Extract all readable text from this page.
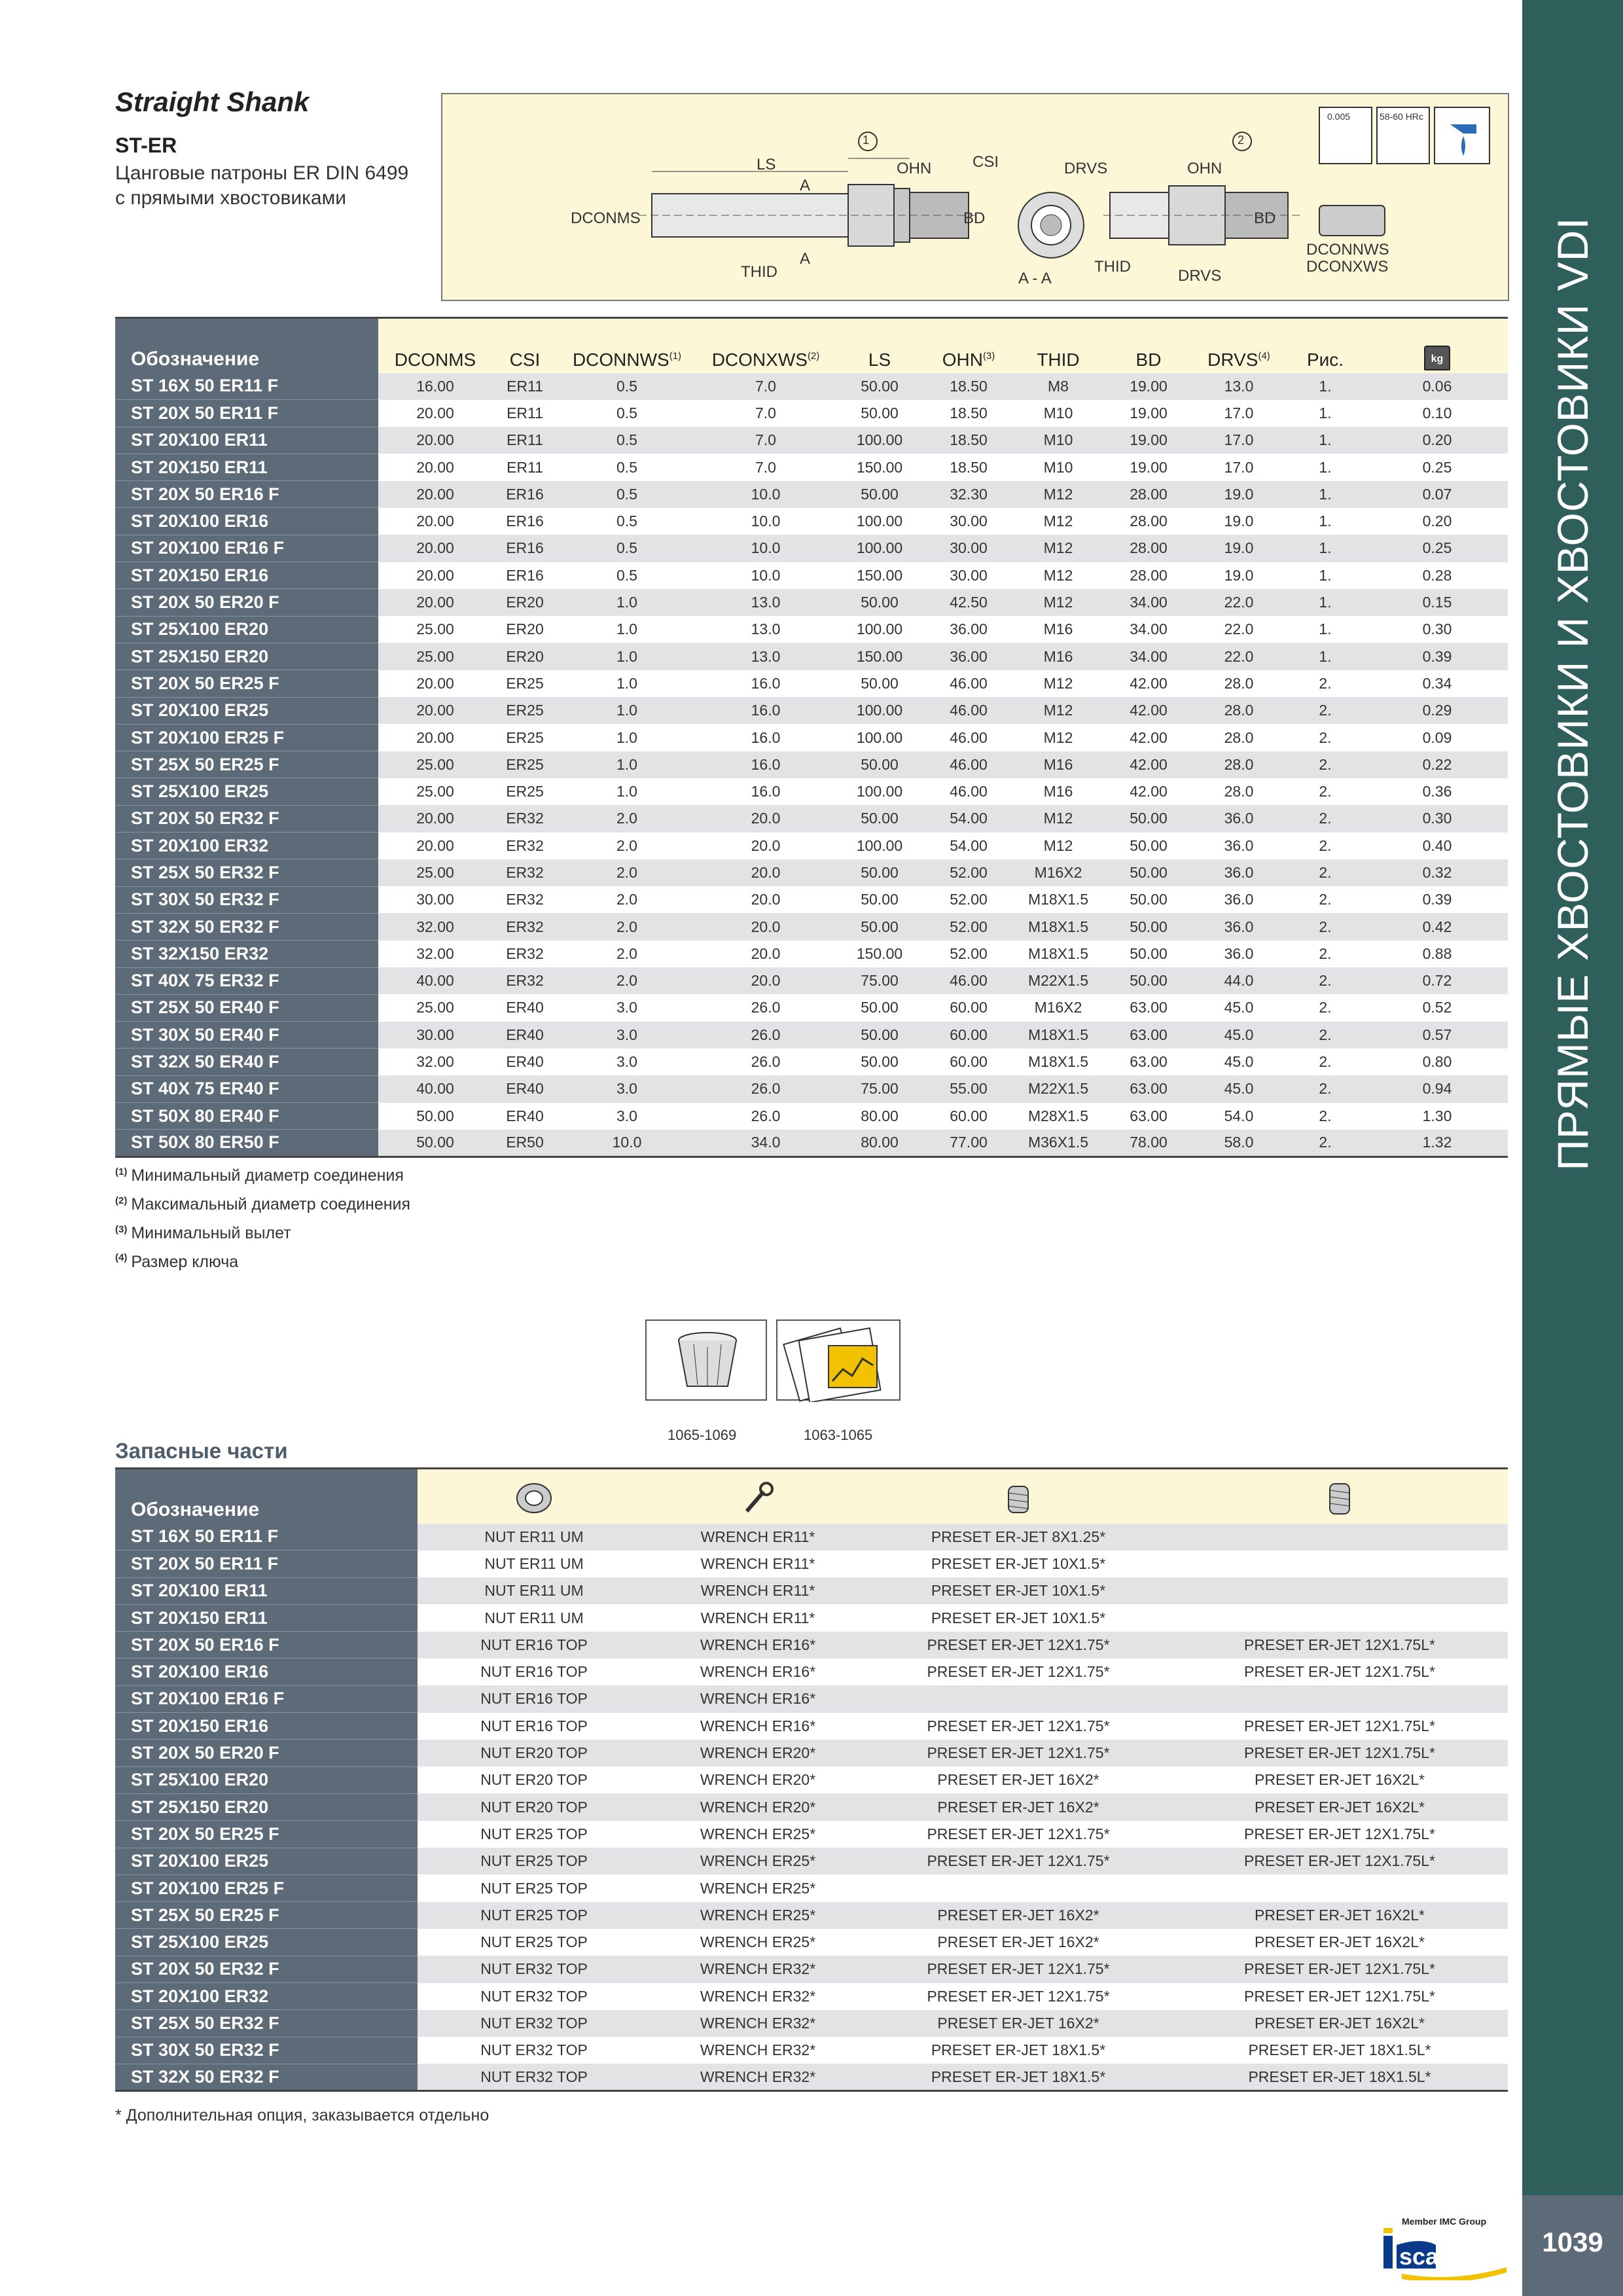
ПРЯМЫЕ ХВОСТОВИКИ И ХВОСТОВИКИ VDI
1039
Member IMC Group
scar
Straight Shank
ST-ER
Цанговые патроны ER DIN 6499
с прямыми хвостовиками
1	2
LS	OHN	CSI	DRVS	OHN
A
A
DCONMS	BD	BD
THID	THID
A - A	DRVS
DCONNWS
DCONXWS
0.005	58-60 HRc
Обозначение	DCONMS	CSI	DCONNWS$^{(1)}$	DCONXWS$^{(2)}$	LS	OHN$^{(3)}$	THID	BD	DRVS$^{(4)}$	Рис.	kg
ST 16X 50 ER11 F	16.00	ER11	0.5	7.0	50.00	18.50	M8	19.00	13.0	1.	0.06
ST 20X 50 ER11 F	20.00	ER11	0.5	7.0	50.00	18.50	M10	19.00	17.0	1.	0.10
ST 20X100 ER11	20.00	ER11	0.5	7.0	100.00	18.50	M10	19.00	17.0	1.	0.20
ST 20X150 ER11	20.00	ER11	0.5	7.0	150.00	18.50	M10	19.00	17.0	1.	0.25
ST 20X 50 ER16 F	20.00	ER16	0.5	10.0	50.00	32.30	M12	28.00	19.0	1.	0.07
ST 20X100 ER16	20.00	ER16	0.5	10.0	100.00	30.00	M12	28.00	19.0	1.	0.20
ST 20X100 ER16 F	20.00	ER16	0.5	10.0	100.00	30.00	M12	28.00	19.0	1.	0.25
ST 20X150 ER16	20.00	ER16	0.5	10.0	150.00	30.00	M12	28.00	19.0	1.	0.28
ST 20X 50 ER20 F	20.00	ER20	1.0	13.0	50.00	42.50	M12	34.00	22.0	1.	0.15
ST 25X100 ER20	25.00	ER20	1.0	13.0	100.00	36.00	M16	34.00	22.0	1.	0.30
ST 25X150 ER20	25.00	ER20	1.0	13.0	150.00	36.00	M16	34.00	22.0	1.	0.39
ST 20X 50 ER25 F	20.00	ER25	1.0	16.0	50.00	46.00	M12	42.00	28.0	2.	0.34
ST 20X100 ER25	20.00	ER25	1.0	16.0	100.00	46.00	M12	42.00	28.0	2.	0.29
ST 20X100 ER25 F	20.00	ER25	1.0	16.0	100.00	46.00	M12	42.00	28.0	2.	0.09
ST 25X 50 ER25 F	25.00	ER25	1.0	16.0	50.00	46.00	M16	42.00	28.0	2.	0.22
ST 25X100 ER25	25.00	ER25	1.0	16.0	100.00	46.00	M16	42.00	28.0	2.	0.36
ST 20X 50 ER32 F	20.00	ER32	2.0	20.0	50.00	54.00	M12	50.00	36.0	2.	0.30
ST 20X100 ER32	20.00	ER32	2.0	20.0	100.00	54.00	M12	50.00	36.0	2.	0.40
ST 25X 50 ER32 F	25.00	ER32	2.0	20.0	50.00	52.00	M16X2	50.00	36.0	2.	0.32
ST 30X 50 ER32 F	30.00	ER32	2.0	20.0	50.00	52.00	M18X1.5	50.00	36.0	2.	0.39
ST 32X 50 ER32 F	32.00	ER32	2.0	20.0	50.00	52.00	M18X1.5	50.00	36.0	2.	0.42
ST 32X150 ER32	32.00	ER32	2.0	20.0	150.00	52.00	M18X1.5	50.00	36.0	2.	0.88
ST 40X 75 ER32 F	40.00	ER32	2.0	20.0	75.00	46.00	M22X1.5	50.00	44.0	2.	0.72
ST 25X 50 ER40 F	25.00	ER40	3.0	26.0	50.00	60.00	M16X2	63.00	45.0	2.	0.52
ST 30X 50 ER40 F	30.00	ER40	3.0	26.0	50.00	60.00	M18X1.5	63.00	45.0	2.	0.57
ST 32X 50 ER40 F	32.00	ER40	3.0	26.0	50.00	60.00	M18X1.5	63.00	45.0	2.	0.80
ST 40X 75 ER40 F	40.00	ER40	3.0	26.0	75.00	55.00	M22X1.5	63.00	45.0	2.	0.94
ST 50X 80 ER40 F	50.00	ER40	3.0	26.0	80.00	60.00	M28X1.5	63.00	54.0	2.	1.30
ST 50X 80 ER50 F	50.00	ER50	10.0	34.0	80.00	77.00	M36X1.5	78.00	58.0	2.	1.32
$^{(1)}$ Минимальный диаметр соединения
$^{(2)}$ Максимальный диаметр соединения
$^{(3)}$ Минимальный вылет
$^{(4)}$ Размер ключа
1065-1069	1063-1065
Запасные части
Обозначение				
ST 16X 50 ER11 F	NUT ER11 UM	WRENCH ER11*	PRESET ER-JET 8X1.25*	
ST 20X 50 ER11 F	NUT ER11 UM	WRENCH ER11*	PRESET ER-JET 10X1.5*	
ST 20X100 ER11	NUT ER11 UM	WRENCH ER11*	PRESET ER-JET 10X1.5*	
ST 20X150 ER11	NUT ER11 UM	WRENCH ER11*	PRESET ER-JET 10X1.5*	
ST 20X 50 ER16 F	NUT ER16 TOP	WRENCH ER16*	PRESET ER-JET 12X1.75*	PRESET ER-JET 12X1.75L*
ST 20X100 ER16	NUT ER16 TOP	WRENCH ER16*	PRESET ER-JET 12X1.75*	PRESET ER-JET 12X1.75L*
ST 20X100 ER16 F	NUT ER16 TOP	WRENCH ER16*		
ST 20X150 ER16	NUT ER16 TOP	WRENCH ER16*	PRESET ER-JET 12X1.75*	PRESET ER-JET 12X1.75L*
ST 20X 50 ER20 F	NUT ER20 TOP	WRENCH ER20*	PRESET ER-JET 12X1.75*	PRESET ER-JET 12X1.75L*
ST 25X100 ER20	NUT ER20 TOP	WRENCH ER20*	PRESET ER-JET 16X2*	PRESET ER-JET 16X2L*
ST 25X150 ER20	NUT ER20 TOP	WRENCH ER20*	PRESET ER-JET 16X2*	PRESET ER-JET 16X2L*
ST 20X 50 ER25 F	NUT ER25 TOP	WRENCH ER25*	PRESET ER-JET 12X1.75*	PRESET ER-JET 12X1.75L*
ST 20X100 ER25	NUT ER25 TOP	WRENCH ER25*	PRESET ER-JET 12X1.75*	PRESET ER-JET 12X1.75L*
ST 20X100 ER25 F	NUT ER25 TOP	WRENCH ER25*		
ST 25X 50 ER25 F	NUT ER25 TOP	WRENCH ER25*	PRESET ER-JET 16X2*	PRESET ER-JET 16X2L*
ST 25X100 ER25	NUT ER25 TOP	WRENCH ER25*	PRESET ER-JET 16X2*	PRESET ER-JET 16X2L*
ST 20X 50 ER32 F	NUT ER32 TOP	WRENCH ER32*	PRESET ER-JET 12X1.75*	PRESET ER-JET 12X1.75L*
ST 20X100 ER32	NUT ER32 TOP	WRENCH ER32*	PRESET ER-JET 12X1.75*	PRESET ER-JET 12X1.75L*
ST 25X 50 ER32 F	NUT ER32 TOP	WRENCH ER32*	PRESET ER-JET 16X2*	PRESET ER-JET 16X2L*
ST 30X 50 ER32 F	NUT ER32 TOP	WRENCH ER32*	PRESET ER-JET 18X1.5*	PRESET ER-JET 18X1.5L*
ST 32X 50 ER32 F	NUT ER32 TOP	WRENCH ER32*	PRESET ER-JET 18X1.5*	PRESET ER-JET 18X1.5L*
* Дополнительная опция, заказывается отдельно
